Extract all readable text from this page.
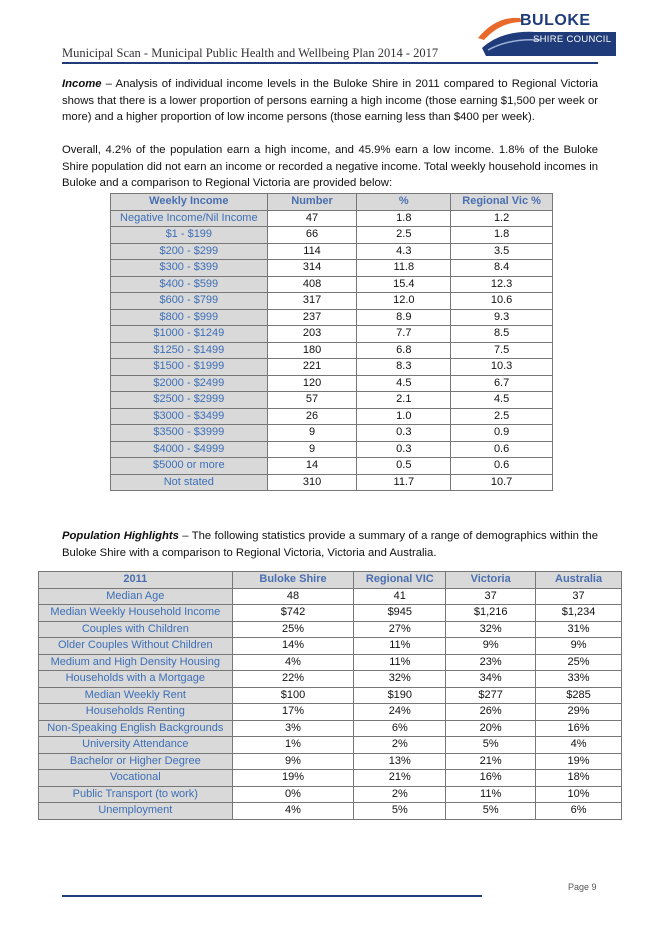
Municipal Scan - Municipal Public Health and Wellbeing Plan 2014 - 2017
BULOKE
SHIRE COUNCIL
Income – Analysis of individual income levels in the Buloke Shire in 2011 compared to Regional Victoria shows that there is a lower proportion of persons earning a high income (those earning $1,500 per week or more) and a higher proportion of low income persons (those earning less than $400 per week).
Overall, 4.2% of the population earn a high income, and 45.9% earn a low income. 1.8% of the Buloke Shire population did not earn an income or recorded a negative income. Total weekly household incomes in Buloke and a comparison to Regional Victoria are provided below:
Weekly Income	Number	%	Regional Vic %
Negative Income/Nil Income	47	1.8	1.2
$1 - $199	66	2.5	1.8
$200 - $299	114	4.3	3.5
$300 - $399	314	11.8	8.4
$400 - $599	408	15.4	12.3
$600 - $799	317	12.0	10.6
$800 - $999	237	8.9	9.3
$1000 - $1249	203	7.7	8.5
$1250 - $1499	180	6.8	7.5
$1500 - $1999	221	8.3	10.3
$2000 - $2499	120	4.5	6.7
$2500 - $2999	57	2.1	4.5
$3000 - $3499	26	1.0	2.5
$3500 - $3999	9	0.3	0.9
$4000 - $4999	9	0.3	0.6
$5000 or more	14	0.5	0.6
Not stated	310	11.7	10.7
Population Highlights – The following statistics provide a summary of a range of demographics within the Buloke Shire with a comparison to Regional Victoria, Victoria and Australia.
2011	Buloke Shire	Regional VIC	Victoria	Australia
Median Age	48	41	37	37
Median Weekly Household Income	$742	$945	$1,216	$1,234
Couples with Children	25%	27%	32%	31%
Older Couples Without Children	14%	11%	9%	9%
Medium and High Density Housing	4%	11%	23%	25%
Households with a Mortgage	22%	32%	34%	33%
Median Weekly Rent	$100	$190	$277	$285
Households Renting	17%	24%	26%	29%
Non-Speaking English Backgrounds	3%	6%	20%	16%
University Attendance	1%	2%	5%	4%
Bachelor or Higher Degree	9%	13%	21%	19%
Vocational	19%	21%	16%	18%
Public Transport (to work)	0%	2%	11%	10%
Unemployment	4%	5%	5%	6%
Page 9
